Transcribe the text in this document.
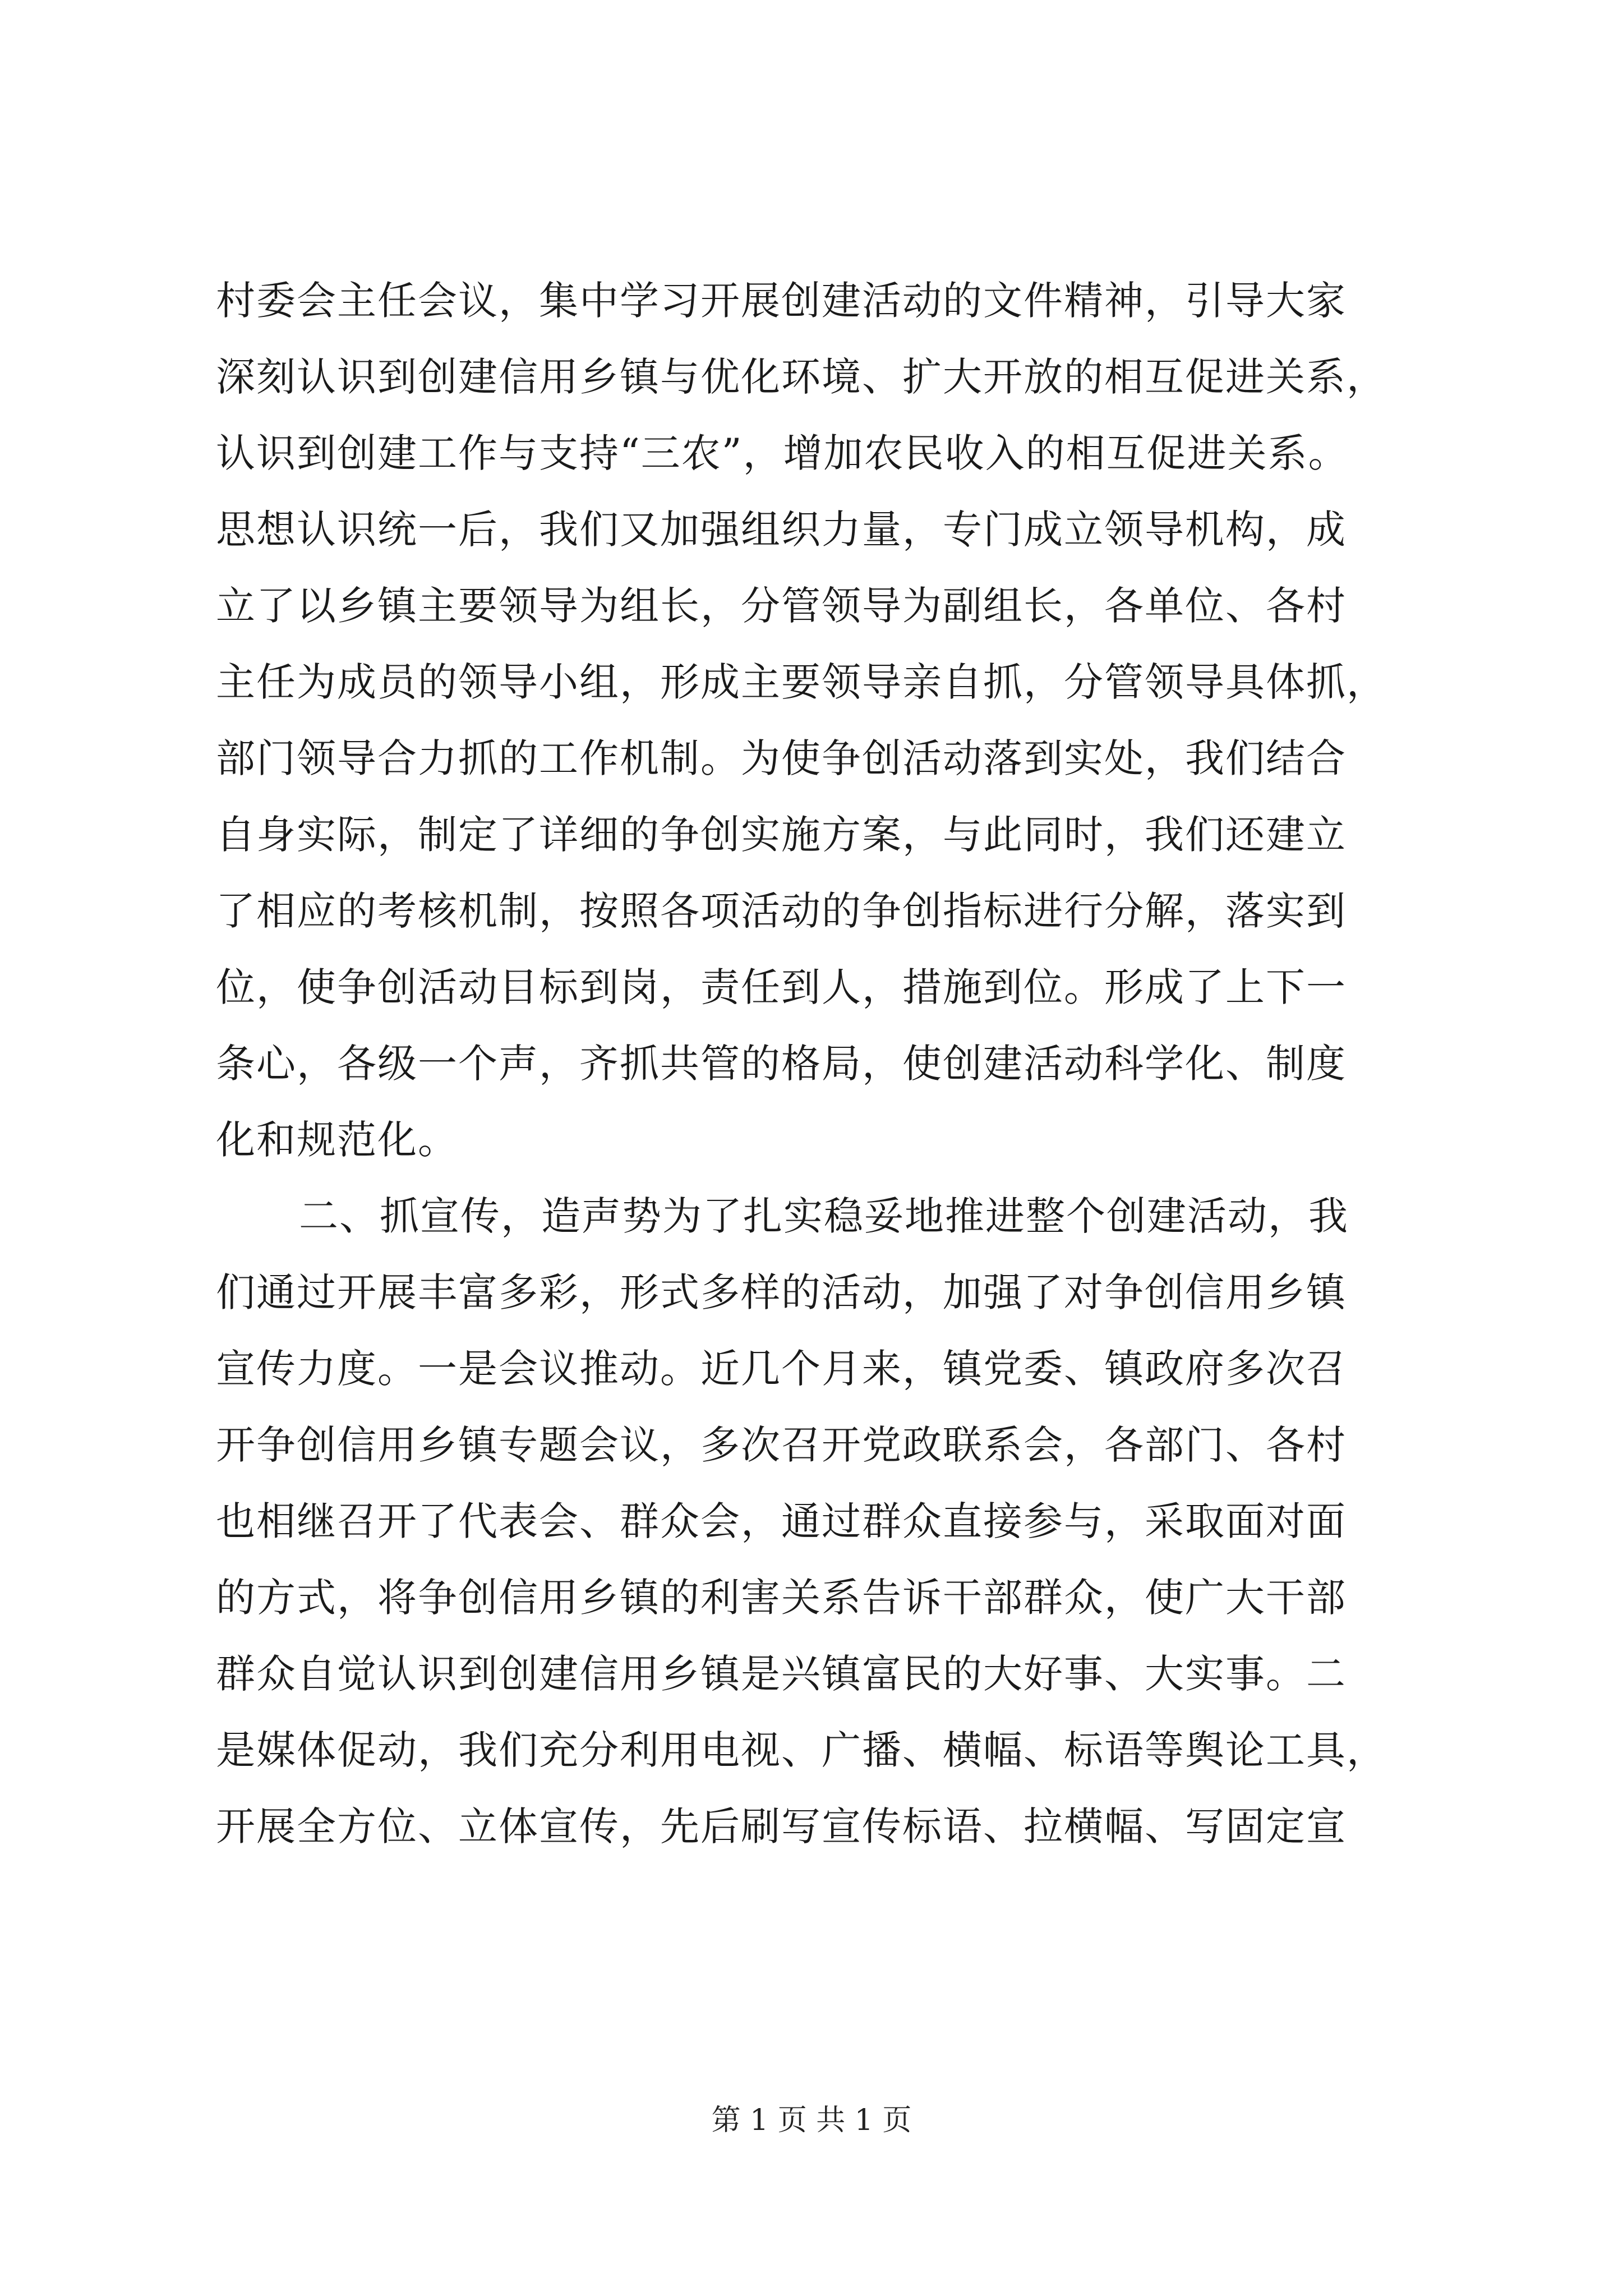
村委会主任会议，集中学习开展创建活动的文件精神，引导大家
深刻认识到创建信用乡镇与优化环境、扩大开放的相互促进关系，
认识到创建工作与支持“三农”，增加农民收入的相互促进关系。
思想认识统一后，我们又加强组织力量，专门成立领导机构，成
立了以乡镇主要领导为组长，分管领导为副组长，各单位、各村
主任为成员的领导小组，形成主要领导亲自抓，分管领导具体抓，
部门领导合力抓的工作机制。为使争创活动落到实处，我们结合
自身实际，制定了详细的争创实施方案，与此同时，我们还建立
了相应的考核机制，按照各项活动的争创指标进行分解，落实到
位，使争创活动目标到岗，责任到人，措施到位。形成了上下一
条心，各级一个声，齐抓共管的格局，使创建活动科学化、制度
化和规范化。
二、抓宣传，造声势为了扎实稳妥地推进整个创建活动，我
们通过开展丰富多彩，形式多样的活动，加强了对争创信用乡镇
宣传力度。一是会议推动。近几个月来，镇党委、镇政府多次召
开争创信用乡镇专题会议，多次召开党政联系会，各部门、各村
也相继召开了代表会、群众会，通过群众直接参与，采取面对面
的方式，将争创信用乡镇的利害关系告诉干部群众，使广大干部
群众自觉认识到创建信用乡镇是兴镇富民的大好事、大实事。二
是媒体促动，我们充分利用电视、广播、横幅、标语等舆论工具，
开展全方位、立体宣传，先后刷写宣传标语、拉横幅、写固定宣
第 1 页 共 1 页
